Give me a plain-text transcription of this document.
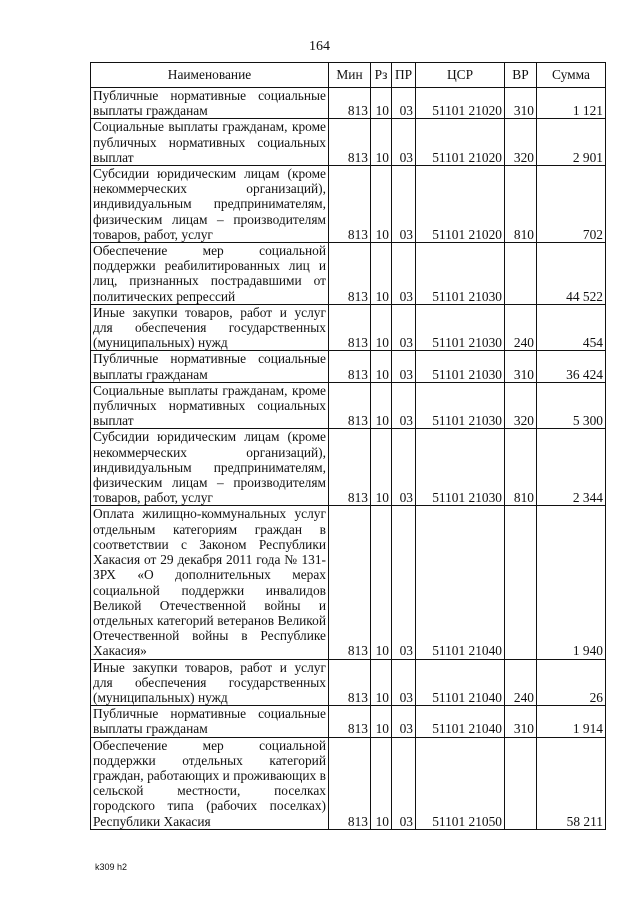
164
Наименование	Мин	Рз	ПР	ЦСР	ВР	Сумма
Публичные нормативные социальные выплаты гражданам	813	10	03	51101 21020	310	1 121
Социальные выплаты гражданам, кроме публичных нормативных социальных выплат	813	10	03	51101 21020	320	2 901
Субсидии юридическим лицам (кроме некоммерческих организаций), индивидуальным предпринимателям, физическим лицам – производителям товаров, работ, услуг	813	10	03	51101 21020	810	702
Обеспечение мер социальной поддержки реабилитированных лиц и лиц, признанных пострадавшими от политических репрессий	813	10	03	51101 21030		44 522
Иные закупки товаров, работ и услуг для обеспечения государственных (муниципальных) нужд	813	10	03	51101 21030	240	454
Публичные нормативные социальные выплаты гражданам	813	10	03	51101 21030	310	36 424
Социальные выплаты гражданам, кроме публичных нормативных социальных выплат	813	10	03	51101 21030	320	5 300
Субсидии юридическим лицам (кроме некоммерческих организаций), индивидуальным предпринимателям, физическим лицам – производителям товаров, работ, услуг	813	10	03	51101 21030	810	2 344
Оплата жилищно-коммунальных услуг отдельным категориям граждан в соответствии с Законом Республики Хакасия от 29 декабря 2011 года № 131-ЗРХ «О дополнительных мерах социальной поддержки инвалидов Великой Отечественной войны и отдельных категорий ветеранов Великой Отечественной войны в Республике Хакасия»	813	10	03	51101 21040		1 940
Иные закупки товаров, работ и услуг для обеспечения государственных (муниципальных) нужд	813	10	03	51101 21040	240	26
Публичные нормативные социальные выплаты гражданам	813	10	03	51101 21040	310	1 914
Обеспечение мер социальной поддержки отдельных категорий граждан, работающих и проживающих в сельской местности, поселках городского типа (рабочих поселках) Республики Хакасия	813	10	03	51101 21050		58 211
k309 h2
